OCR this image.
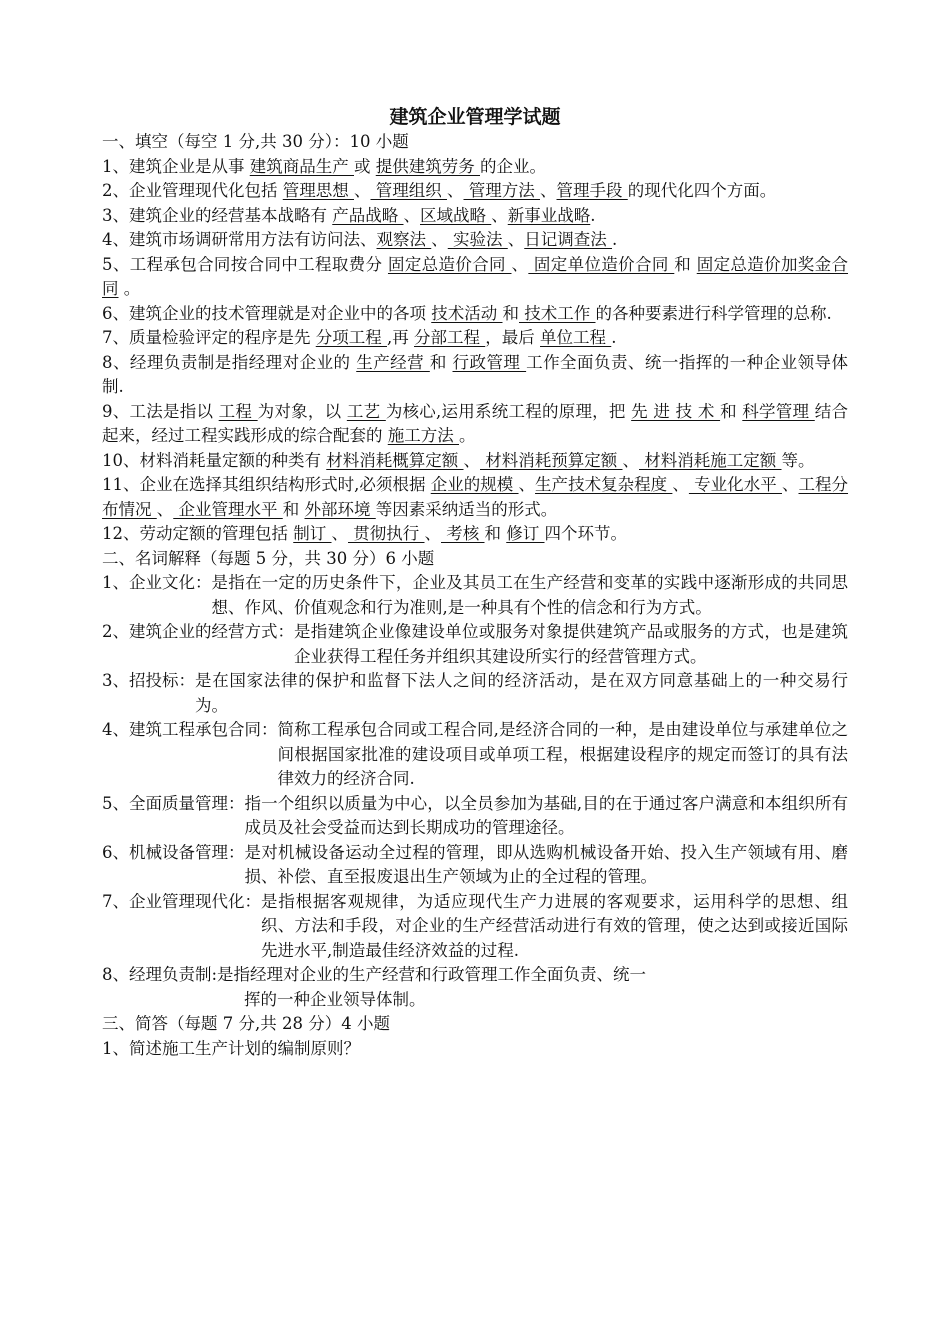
建筑企业管理学试题
一、填空（每空 1 分,共 30 分）：10 小题
1、建筑企业是从事 建筑商品生产 或 提供建筑劳务 的企业。
2、企业管理现代化包括 管理思想 、 管理组织 、 管理方法 、管理手段 的现代化四个方面。
3、建筑企业的经营基本战略有 产品战略 、区域战略 、新事业战略.
4、建筑市场调研常用方法有访问法、观察法 、 实验法 、日记调查法 .
5、工程承包合同按合同中工程取费分 固定总造价合同 、 固定单位造价合同 和 固定总造价加奖金合同 。
6、建筑企业的技术管理就是对企业中的各项 技术活动 和 技术工作 的各种要素进行科学管理的总称.
7、质量检验评定的程序是先 分项工程 ,再 分部工程 ，最后 单位工程 .
8、经理负责制是指经理对企业的 生产经营 和 行政管理 工作全面负责、统一指挥的一种企业领导体制.
9、工法是指以 工程 为对象，以 工艺 为核心,运用系统工程的原理，把 先 进 技 术 和 科学管理 结合起来，经过工程实践形成的综合配套的 施工方法 。
10、材料消耗量定额的种类有 材料消耗概算定额 、 材料消耗预算定额 、 材料消耗施工定额 等。
11、企业在选择其组织结构形式时,必须根据 企业的规模 、生产技术复杂程度 、 专业化水平 、工程分布情况 、 企业管理水平 和 外部环境 等因素采纳适当的形式。
12、劳动定额的管理包括 制订 、 贯彻执行 、 考核 和 修订 四个环节。
二、名词解释（每题 5 分，共 30 分）6 小题
1、企业文化： 是指在一定的历史条件下，企业及其员工在生产经营和变革的实践中逐渐形成的共同思想、作风、价值观念和行为准则,是一种具有个性的信念和行为方式。
2、建筑企业的经营方式： 是指建筑企业像建设单位或服务对象提供建筑产品或服务的方式，也是建筑企业获得工程任务并组织其建设所实行的经营管理方式。
3、招投标： 是在国家法律的保护和监督下法人之间的经济活动，是在双方同意基础上的一种交易行为。
4、建筑工程承包合同： 简称工程承包合同或工程合同,是经济合同的一种，是由建设单位与承建单位之间根据国家批准的建设项目或单项工程，根据建设程序的规定而签订的具有法律效力的经济合同.
5、全面质量管理： 指一个组织以质量为中心，以全员参加为基础,目的在于通过客户满意和本组织所有成员及社会受益而达到长期成功的管理途径。
6、机械设备管理： 是对机械设备运动全过程的管理，即从选购机械设备开始、投入生产领域有用、磨损、补偿、直至报废退出生产领域为止的全过程的管理。
7、企业管理现代化： 是指根据客观规律，为适应现代生产力进展的客观要求，运用科学的思想、组织、方法和手段，对企业的生产经营活动进行有效的管理，使之达到或接近国际先进水平,制造最佳经济效益的过程.
8、经理负责制:是指经理对企业的生产经营和行政管理工作全面负责、统一
挥的一种企业领导体制。
三、简答（每题 7 分,共 28 分）4 小题
1、简述施工生产计划的编制原则？
